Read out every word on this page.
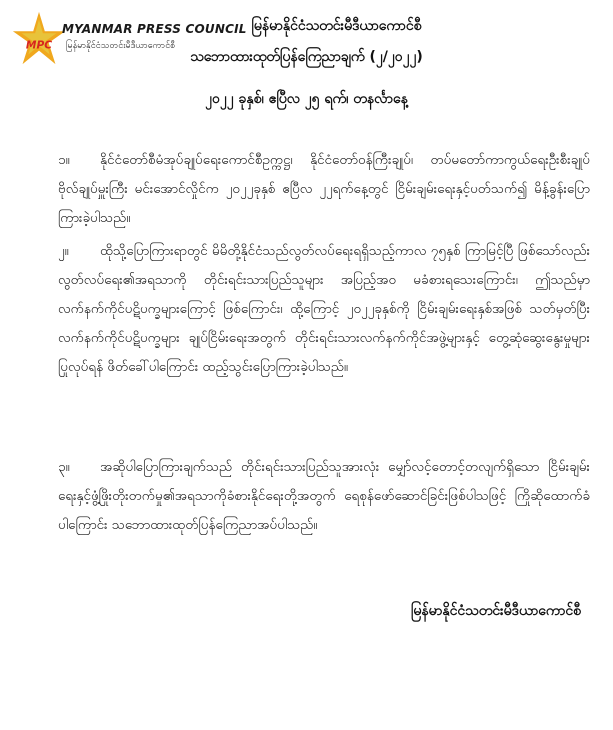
MPC
MYANMAR PRESS COUNCIL
မြန်မာနိုင်ငံသတင်းမီဒီယာကောင်စီ
မြန်မာနိုင်ငံသတင်းမီဒီယာကောင်စီ
သဘောထားထုတ်ပြန်ကြေညာချက် (၂/၂၀၂၂)
၂၀၂၂ ခုနှစ်၊ ဧပြီလ ၂၅ ရက်၊ တနင်္လာနေ့
၁။ နိုင်ငံတော်စီမံအုပ်ချုပ်ရေးကောင်စီဥက္ကဋ္ဌ၊ နိုင်ငံတော်ဝန်ကြီးချုပ်၊ တပ်မတော်ကာကွယ်ရေးဦးစီးချုပ် ဗိုလ်ချုပ်မှူးကြီး မင်းအောင်လှိုင်က ၂၀၂၂ခုနှစ် ဧပြီလ ၂၂ရက်နေ့တွင် ငြိမ်းချမ်းရေးနှင့်ပတ်သက်၍ မိန့်ခွန်းပြောကြားခဲ့ပါသည်။
၂။ ထိုသို့ပြောကြားရာတွင် မိမိတို့နိုင်ငံသည်လွတ်လပ်ရေးရရှိသည့်ကာလ ၇၅နှစ် ကြာမြင့်ပြီ ဖြစ်သော်လည်း လွတ်လပ်ရေး၏အရသာကို တိုင်းရင်းသားပြည်သူများ အပြည့်အဝ မခံစားရသေးကြောင်း၊ ဤသည်မှာ လက်နက်ကိုင်ပဋိပက္ခများကြောင့် ဖြစ်ကြောင်း၊ ထို့ကြောင့် ၂၀၂၂ခုနှစ်ကို ငြိမ်းချမ်းရေးနှစ်အဖြစ် သတ်မှတ်ပြီး လက်နက်ကိုင်ပဋိပက္ခများ ချုပ်ငြိမ်းရေးအတွက် တိုင်းရင်းသားလက်နက်ကိုင်အဖွဲ့များနှင့် တွေ့ဆုံဆွေးနွေးမှုများ ပြုလုပ်ရန် ဖိတ်ခေါ်ပါကြောင်း ထည့်သွင်းပြောကြားခဲ့ပါသည်။
၃။ အဆိုပါပြောကြားချက်သည် တိုင်းရင်းသားပြည်သူအားလုံး မျှော်လင့်တောင့်တလျက်ရှိသော ငြိမ်းချမ်းရေးနှင့်ဖွံ့ဖြိုးတိုးတက်မှု၏အရသာကိုခံစားနိုင်ရေးတို့အတွက် ရေစုန်ဖော်ဆောင်ခြင်းဖြစ်ပါသဖြင့် ကြိုဆိုထောက်ခံပါကြောင်း သဘောထားထုတ်ပြန်ကြေညာအပ်ပါသည်။
မြန်မာနိုင်ငံသတင်းမီဒီယာကောင်စီ
